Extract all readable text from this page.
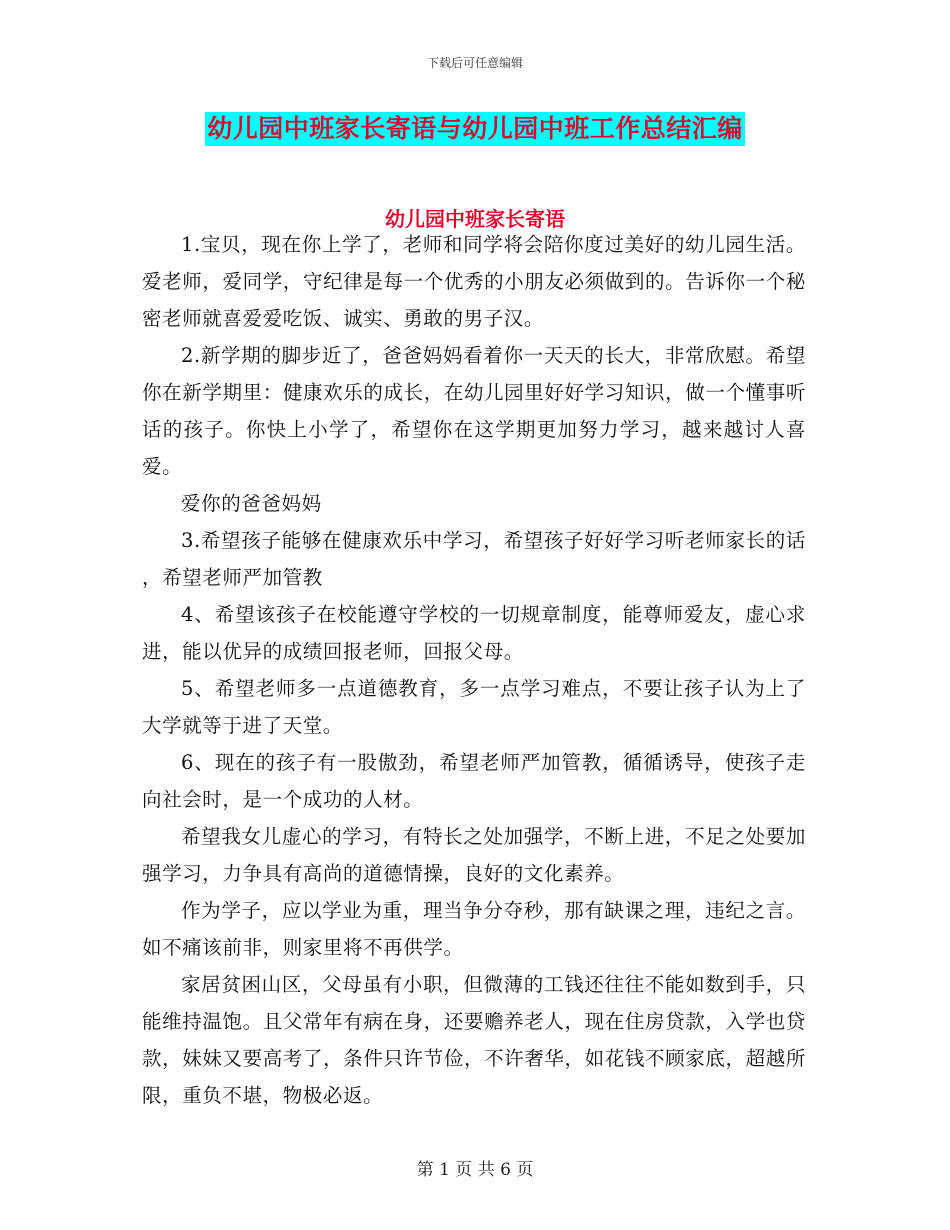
下载后可任意编辑
幼儿园中班家长寄语与幼儿园中班工作总结汇编
幼儿园中班家长寄语

1.宝贝，现在你上学了，老师和同学将会陪你度过美好的幼儿园生活。爱老师，爱同学，守纪律是每一个优秀的小朋友必须做到的。告诉你一个秘密老师就喜爱爱吃饭、诚实、勇敢的男子汉。

2.新学期的脚步近了，爸爸妈妈看着你一天天的长大，非常欣慰。希望你在新学期里：健康欢乐的成长，在幼儿园里好好学习知识，做一个懂事听话的孩子。你快上小学了，希望你在这学期更加努力学习，越来越讨人喜爱。

爱你的爸爸妈妈

3.希望孩子能够在健康欢乐中学习，希望孩子好好学习听老师家长的话 ，希望老师严加管教

4、希望该孩子在校能遵守学校的一切规章制度，能尊师爱友，虚心求进，能以优异的成绩回报老师，回报父母。

5、希望老师多一点道德教育，多一点学习难点，不要让孩子认为上了大学就等于进了天堂。

6、现在的孩子有一股傲劲，希望老师严加管教，循循诱导，使孩子走向社会时，是一个成功的人材。

希望我女儿虚心的学习，有特长之处加强学，不断上进，不足之处要加强学习，力争具有高尚的道德情操，良好的文化素养。

作为学子，应以学业为重，理当争分夺秒，那有缺课之理，违纪之言。如不痛该前非，则家里将不再供学。

家居贫困山区，父母虽有小职，但微薄的工钱还往往不能如数到手，只能维持温饱。且父常年有病在身，还要赡养老人，现在住房贷款，入学也贷款，妹妹又要高考了，条件只许节俭，不许奢华，如花钱不顾家底，超越所限，重负不堪，物极必返。

第 1 页 共 6 页
